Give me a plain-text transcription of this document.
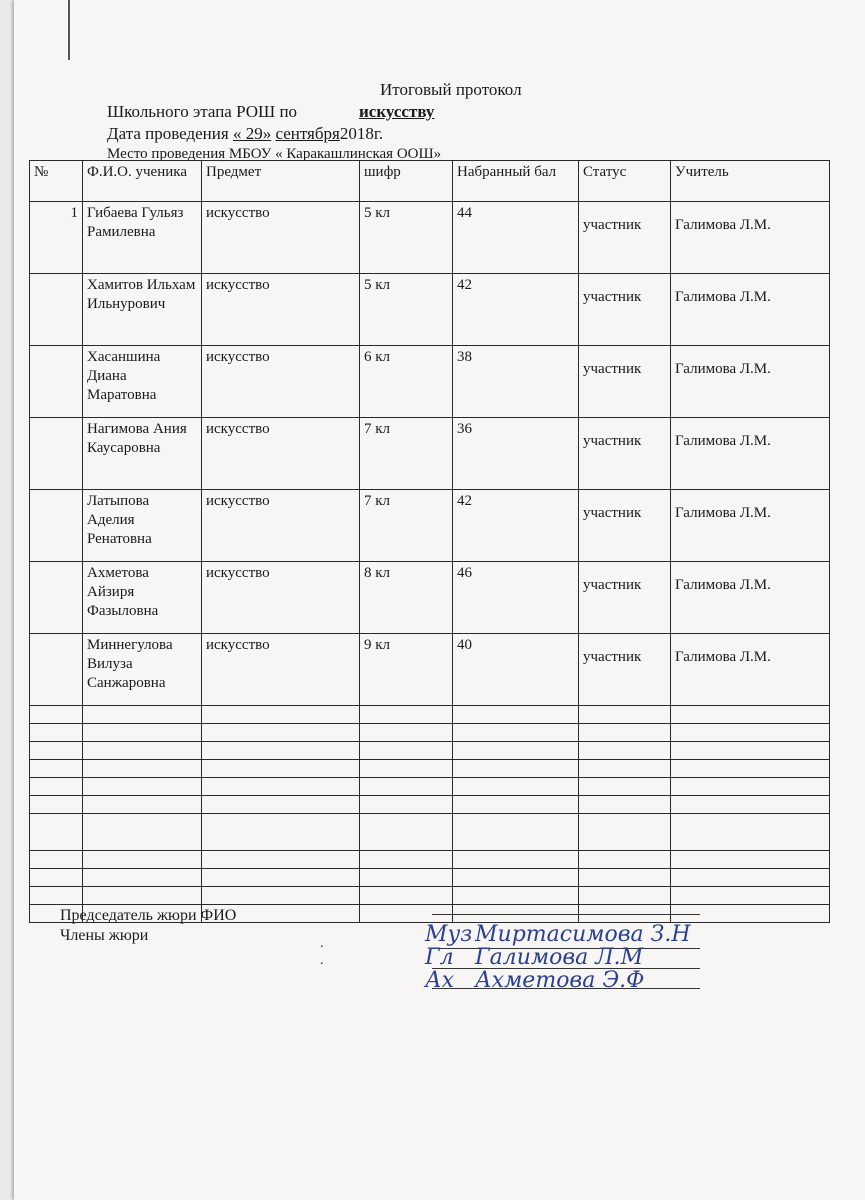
Итоговый протокол
Школьного этапа РОШ по	искусству
Дата проведения « 29» сентября2018г.
Место проведения МБОУ « Каракашлинская ООШ»
№	Ф.И.О. ученика	Предмет	шифр	Набранный бал	Статус	Учитель
1	Гибаева Гульяз Рамилевна	искусство	5 кл	44	участник	Галимова Л.М.
	Хамитов Ильхам Ильнурович	искусство	5 кл	42	участник	Галимова Л.М.
	Хасаншина Диана Маратовна	искусство	6 кл	38	участник	Галимова Л.М.
	Нагимова Ания Каусаровна	искусство	7 кл	36	участник	Галимова Л.М.
	Латыпова Аделия Ренатовна	искусство	7 кл	42	участник	Галимова Л.М.
	Ахметова Айзиря Фазыловна	искусство	8 кл	46	участник	Галимова Л.М.
	Миннегулова Вилуза Санжаровна	искусство	9 кл	40	участник	Галимова Л.М.

Председатель жюри ФИО
Члены жюри	.
.
Муз Миртасимова З.Н
Гл Галимова Л.М
Ах Ахметова Э.Ф
